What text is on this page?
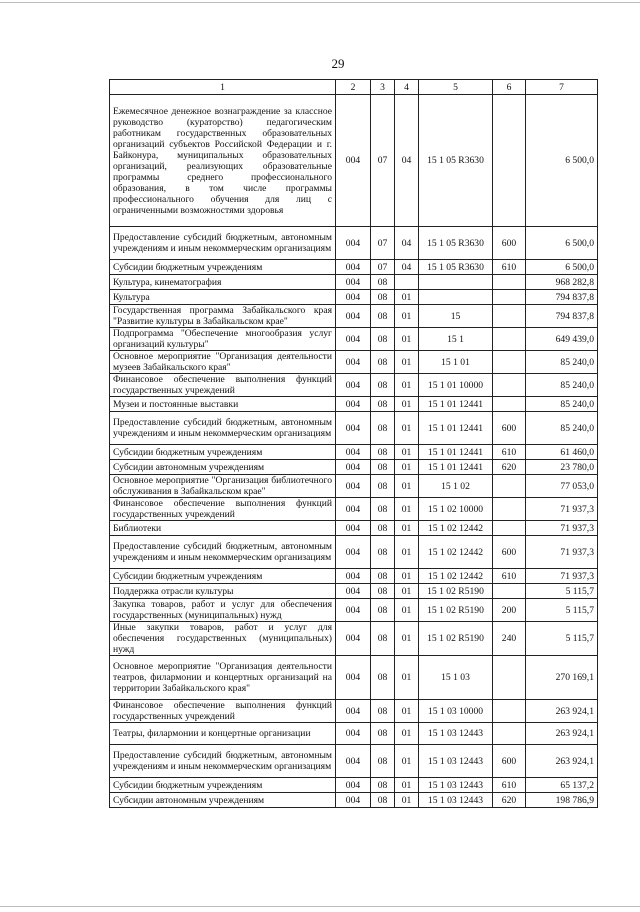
29
1	2	3	4	5	6	7
Ежемесячное денежное вознаграждение за классное руководство (кураторство) педагогическим работникам государственных образовательных организаций субъектов Российской Федерации и г. Байконура, муниципальных образовательных организаций, реализующих образовательные программы среднего профессионального образования, в том числе программы профессионального обучения для лиц с ограниченными возможностями здоровья	004	07	04	15 1 05 R3630		6 500,0
Предоставление субсидий бюджетным, автономным учреждениям и иным некоммерческим организациям	004	07	04	15 1 05 R3630	600	6 500,0
Субсидии бюджетным учреждениям	004	07	04	15 1 05 R3630	610	6 500,0
Культура, кинематография	004	08				968 282,8
Культура	004	08	01			794 837,8
Государственная программа Забайкальского края "Развитие культуры в Забайкальском крае"	004	08	01	15		794 837,8
Подпрограмма "Обеспечение многообразия услуг организаций культуры"	004	08	01	15 1		649 439,0
Основное мероприятие "Организация деятельности музеев Забайкальского края"	004	08	01	15 1 01		85 240,0
Финансовое обеспечение выполнения функций государственных учреждений	004	08	01	15 1 01 10000		85 240,0
Музеи и постоянные выставки	004	08	01	15 1 01 12441		85 240,0
Предоставление субсидий бюджетным, автономным учреждениям и иным некоммерческим организациям	004	08	01	15 1 01 12441	600	85 240,0
Субсидии бюджетным учреждениям	004	08	01	15 1 01 12441	610	61 460,0
Субсидии автономным учреждениям	004	08	01	15 1 01 12441	620	23 780,0
Основное мероприятие "Организация библиотечного обслуживания в Забайкальском крае"	004	08	01	15 1 02		77 053,0
Финансовое обеспечение выполнения функций государственных учреждений	004	08	01	15 1 02 10000		71 937,3
Библиотеки	004	08	01	15 1 02 12442		71 937,3
Предоставление субсидий бюджетным, автономным учреждениям и иным некоммерческим организациям	004	08	01	15 1 02 12442	600	71 937,3
Субсидии бюджетным учреждениям	004	08	01	15 1 02 12442	610	71 937,3
Поддержка отрасли культуры	004	08	01	15 1 02 R5190		5 115,7
Закупка товаров, работ и услуг для обеспечения государственных (муниципальных) нужд	004	08	01	15 1 02 R5190	200	5 115,7
Иные закупки товаров, работ и услуг для обеспечения государственных (муниципальных) нужд	004	08	01	15 1 02 R5190	240	5 115,7
Основное мероприятие "Организация деятельности театров, филармонии и концертных организаций на территории Забайкальского края"	004	08	01	15 1 03		270 169,1
Финансовое обеспечение выполнения функций государственных учреждений	004	08	01	15 1 03 10000		263 924,1
Театры, филармонии и концертные организации	004	08	01	15 1 03 12443		263 924,1
Предоставление субсидий бюджетным, автономным учреждениям и иным некоммерческим организациям	004	08	01	15 1 03 12443	600	263 924,1
Субсидии бюджетным учреждениям	004	08	01	15 1 03 12443	610	65 137,2
Субсидии автономным учреждениям	004	08	01	15 1 03 12443	620	198 786,9
